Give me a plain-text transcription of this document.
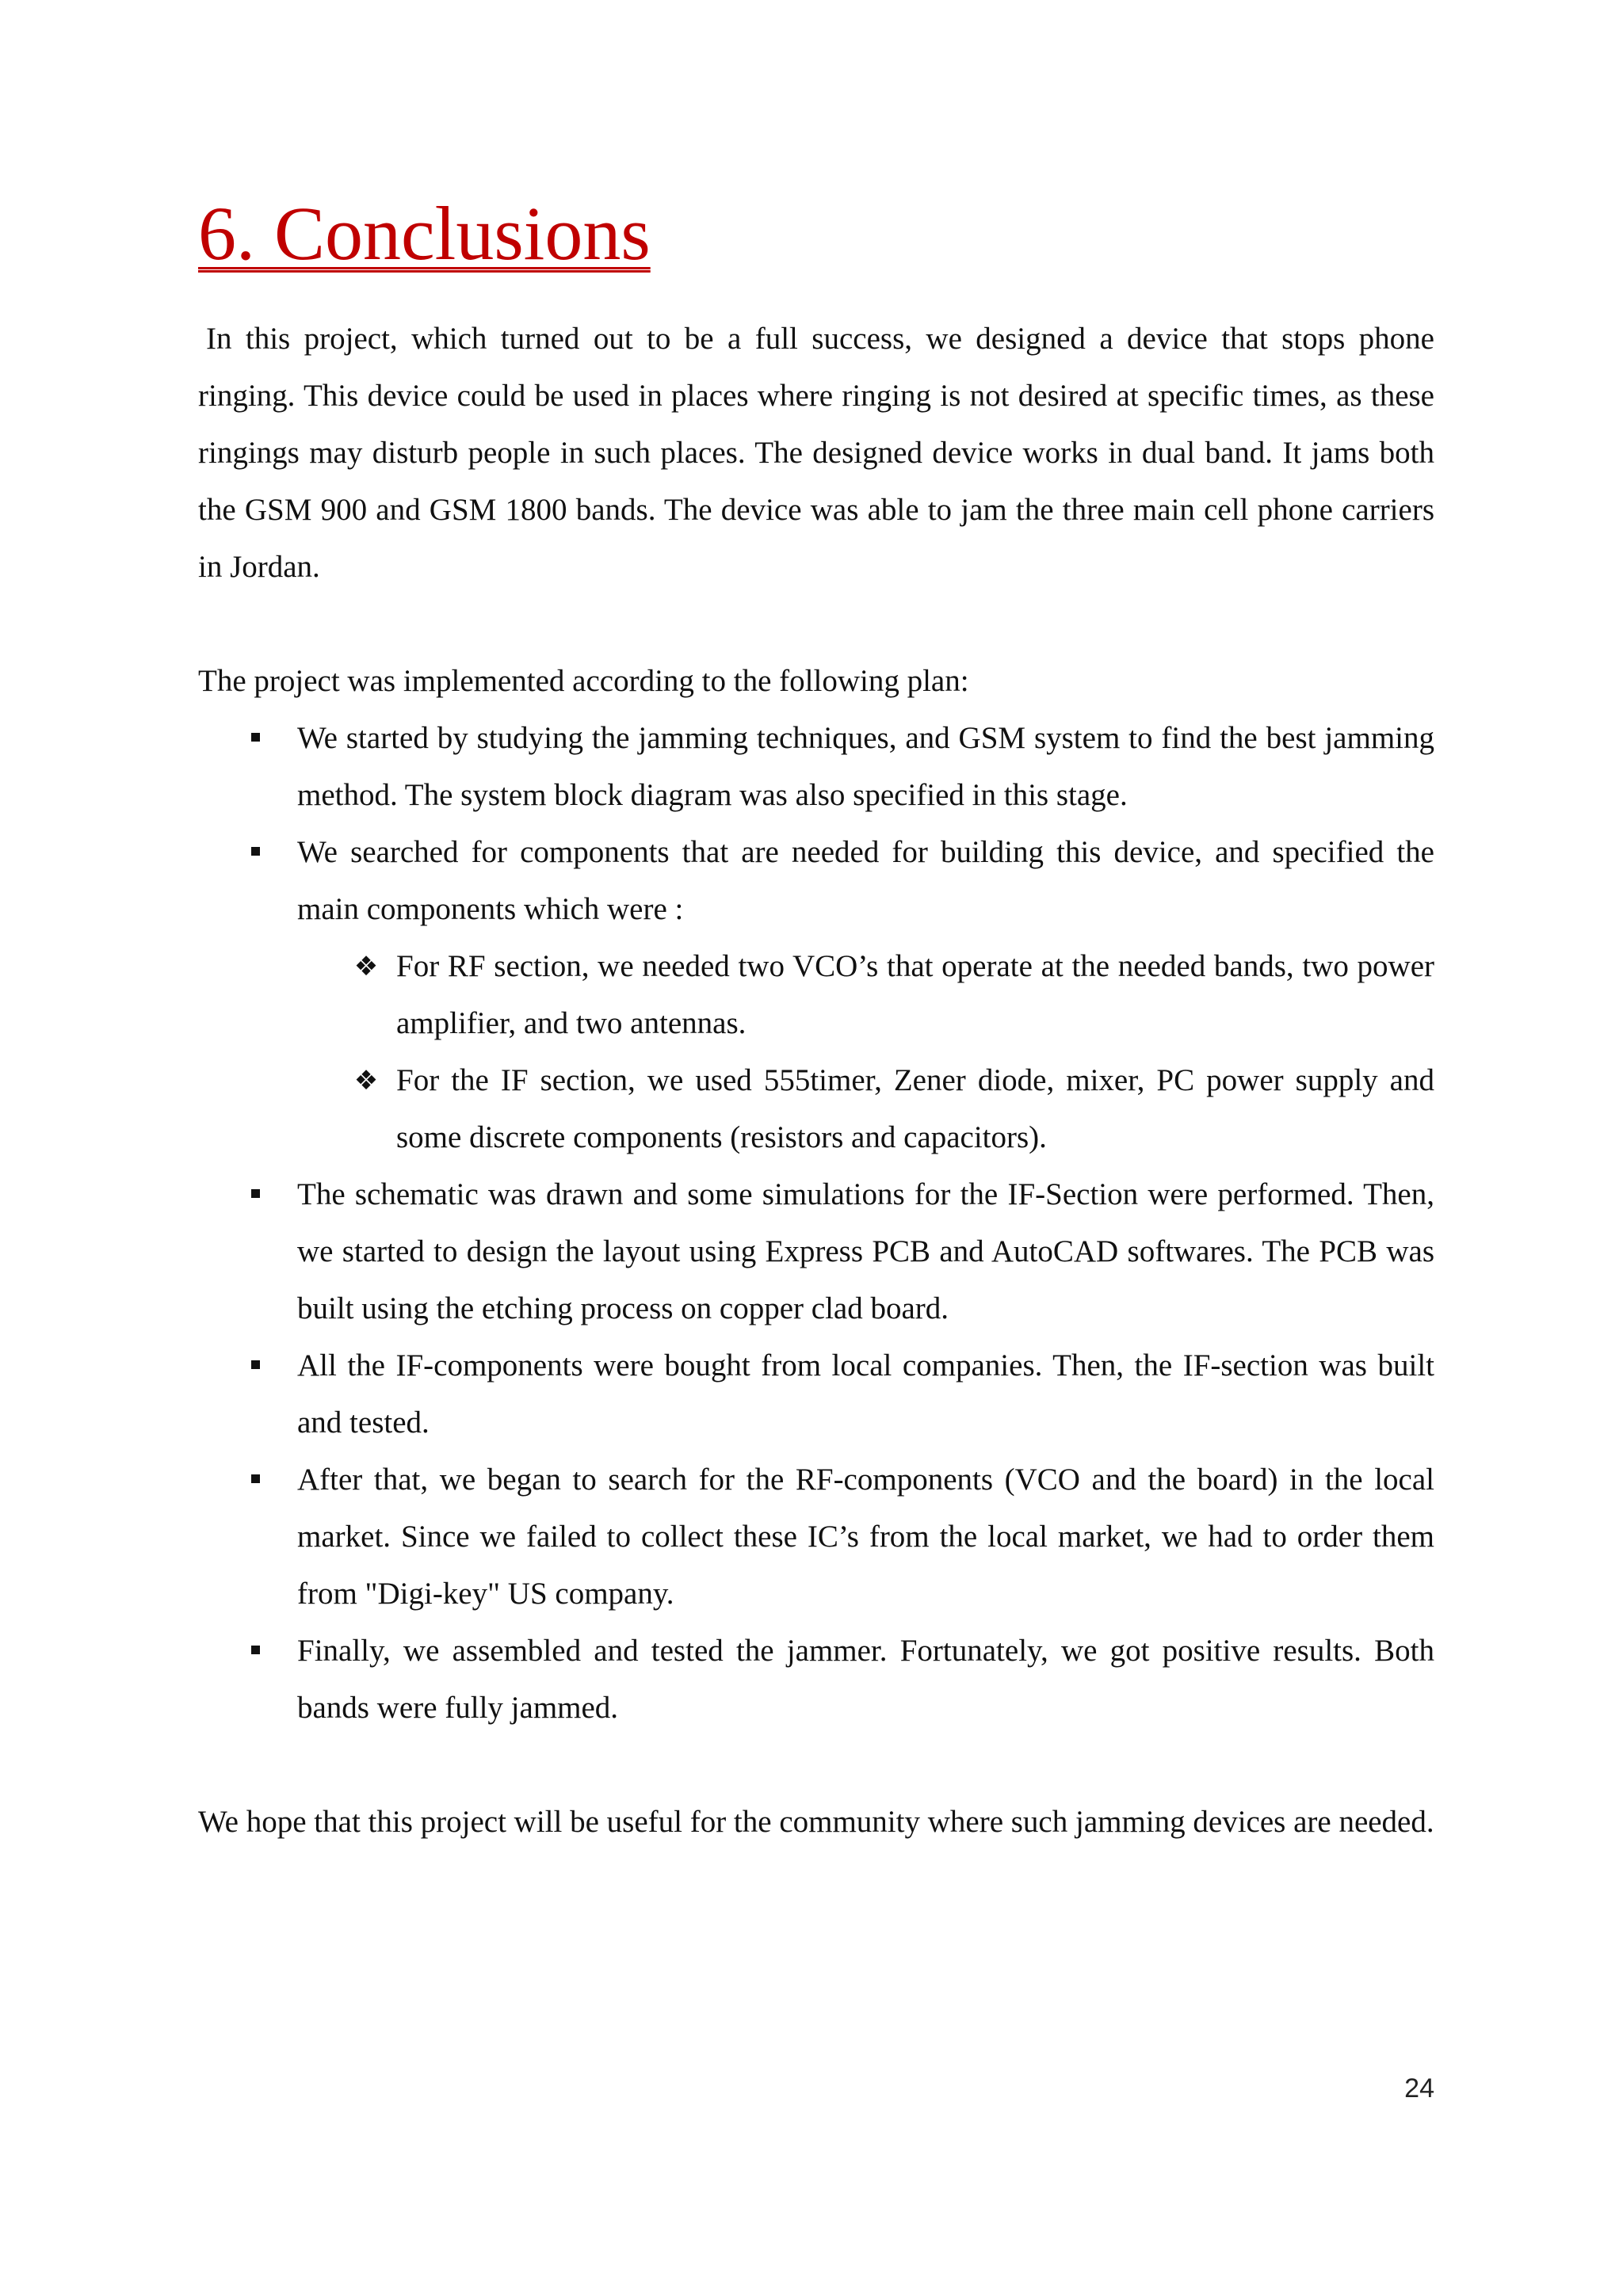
6. Conclusions

In this project, which turned out to be a full success, we designed a device that stops phone ringing. This device could be used in places where ringing is not desired at specific times, as these ringings may disturb people in such places. The designed device works in dual band. It jams both the GSM 900 and GSM 1800 bands. The device was able to jam the three main cell phone carriers in Jordan.

The project was implemented according to the following plan:

We started by studying the jamming techniques, and GSM system to find the best jamming method. The system block diagram was also specified in this stage.
We searched for components that are needed for building this device, and specified the main components which were :
❖ For RF section, we needed two VCO’s that operate at the needed bands, two power amplifier, and two antennas.
❖ For the IF section, we used 555timer, Zener diode, mixer, PC power supply and some discrete components (resistors and capacitors).
The schematic was drawn and some simulations for the IF-Section were performed. Then, we started to design the layout using Express PCB and AutoCAD softwares. The PCB was built using the etching process on copper clad board.
All the IF-components were bought from local companies. Then, the IF-section was built and tested.
After that, we began to search for the RF-components (VCO and the board) in the local market. Since we failed to collect these IC’s from the local market, we had to order them from "Digi-key" US company.
Finally, we assembled and tested the jammer. Fortunately, we got positive results. Both bands were fully jammed.

We hope that this project will be useful for the community where such jamming devices are needed.

24
